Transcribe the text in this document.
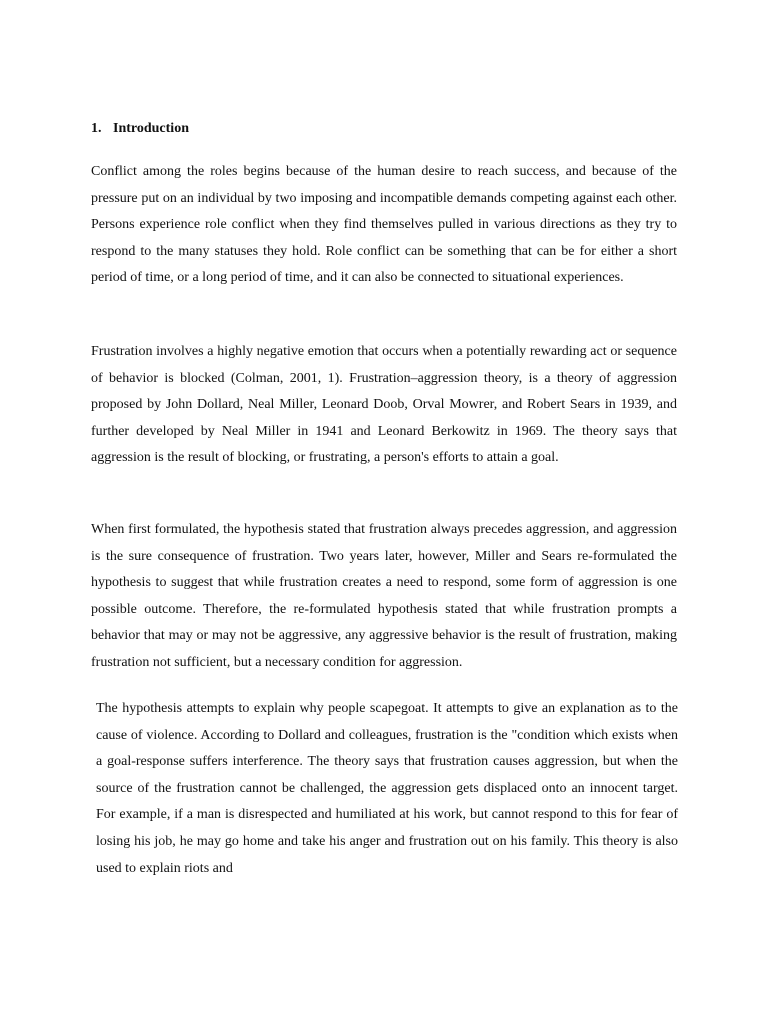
1. Introduction

Conflict among the roles begins because of the human desire to reach success, and because of the pressure put on an individual by two imposing and incompatible demands competing against each other. Persons experience role conflict when they find themselves pulled in various directions as they try to respond to the many statuses they hold. Role conflict can be something that can be for either a short period of time, or a long period of time, and it can also be connected to situational experiences.

Frustration involves a highly negative emotion that occurs when a potentially rewarding act or sequence of behavior is blocked (Colman, 2001, 1). Frustration–aggression theory, is a theory of aggression proposed by John Dollard, Neal Miller, Leonard Doob, Orval Mowrer, and Robert Sears in 1939, and further developed by Neal Miller in 1941 and Leonard Berkowitz in 1969. The theory says that aggression is the result of blocking, or frustrating, a person's efforts to attain a goal.

When first formulated, the hypothesis stated that frustration always precedes aggression, and aggression is the sure consequence of frustration. Two years later, however, Miller and Sears re-formulated the hypothesis to suggest that while frustration creates a need to respond, some form of aggression is one possible outcome. Therefore, the re-formulated hypothesis stated that while frustration prompts a behavior that may or may not be aggressive, any aggressive behavior is the result of frustration, making frustration not sufficient, but a necessary condition for aggression.

The hypothesis attempts to explain why people scapegoat. It attempts to give an explanation as to the cause of violence. According to Dollard and colleagues, frustration is the "condition which exists when a goal-response suffers interference. The theory says that frustration causes aggression, but when the source of the frustration cannot be challenged, the aggression gets displaced onto an innocent target. For example, if a man is disrespected and humiliated at his work, but cannot respond to this for fear of losing his job, he may go home and take his anger and frustration out on his family. This theory is also used to explain riots and
